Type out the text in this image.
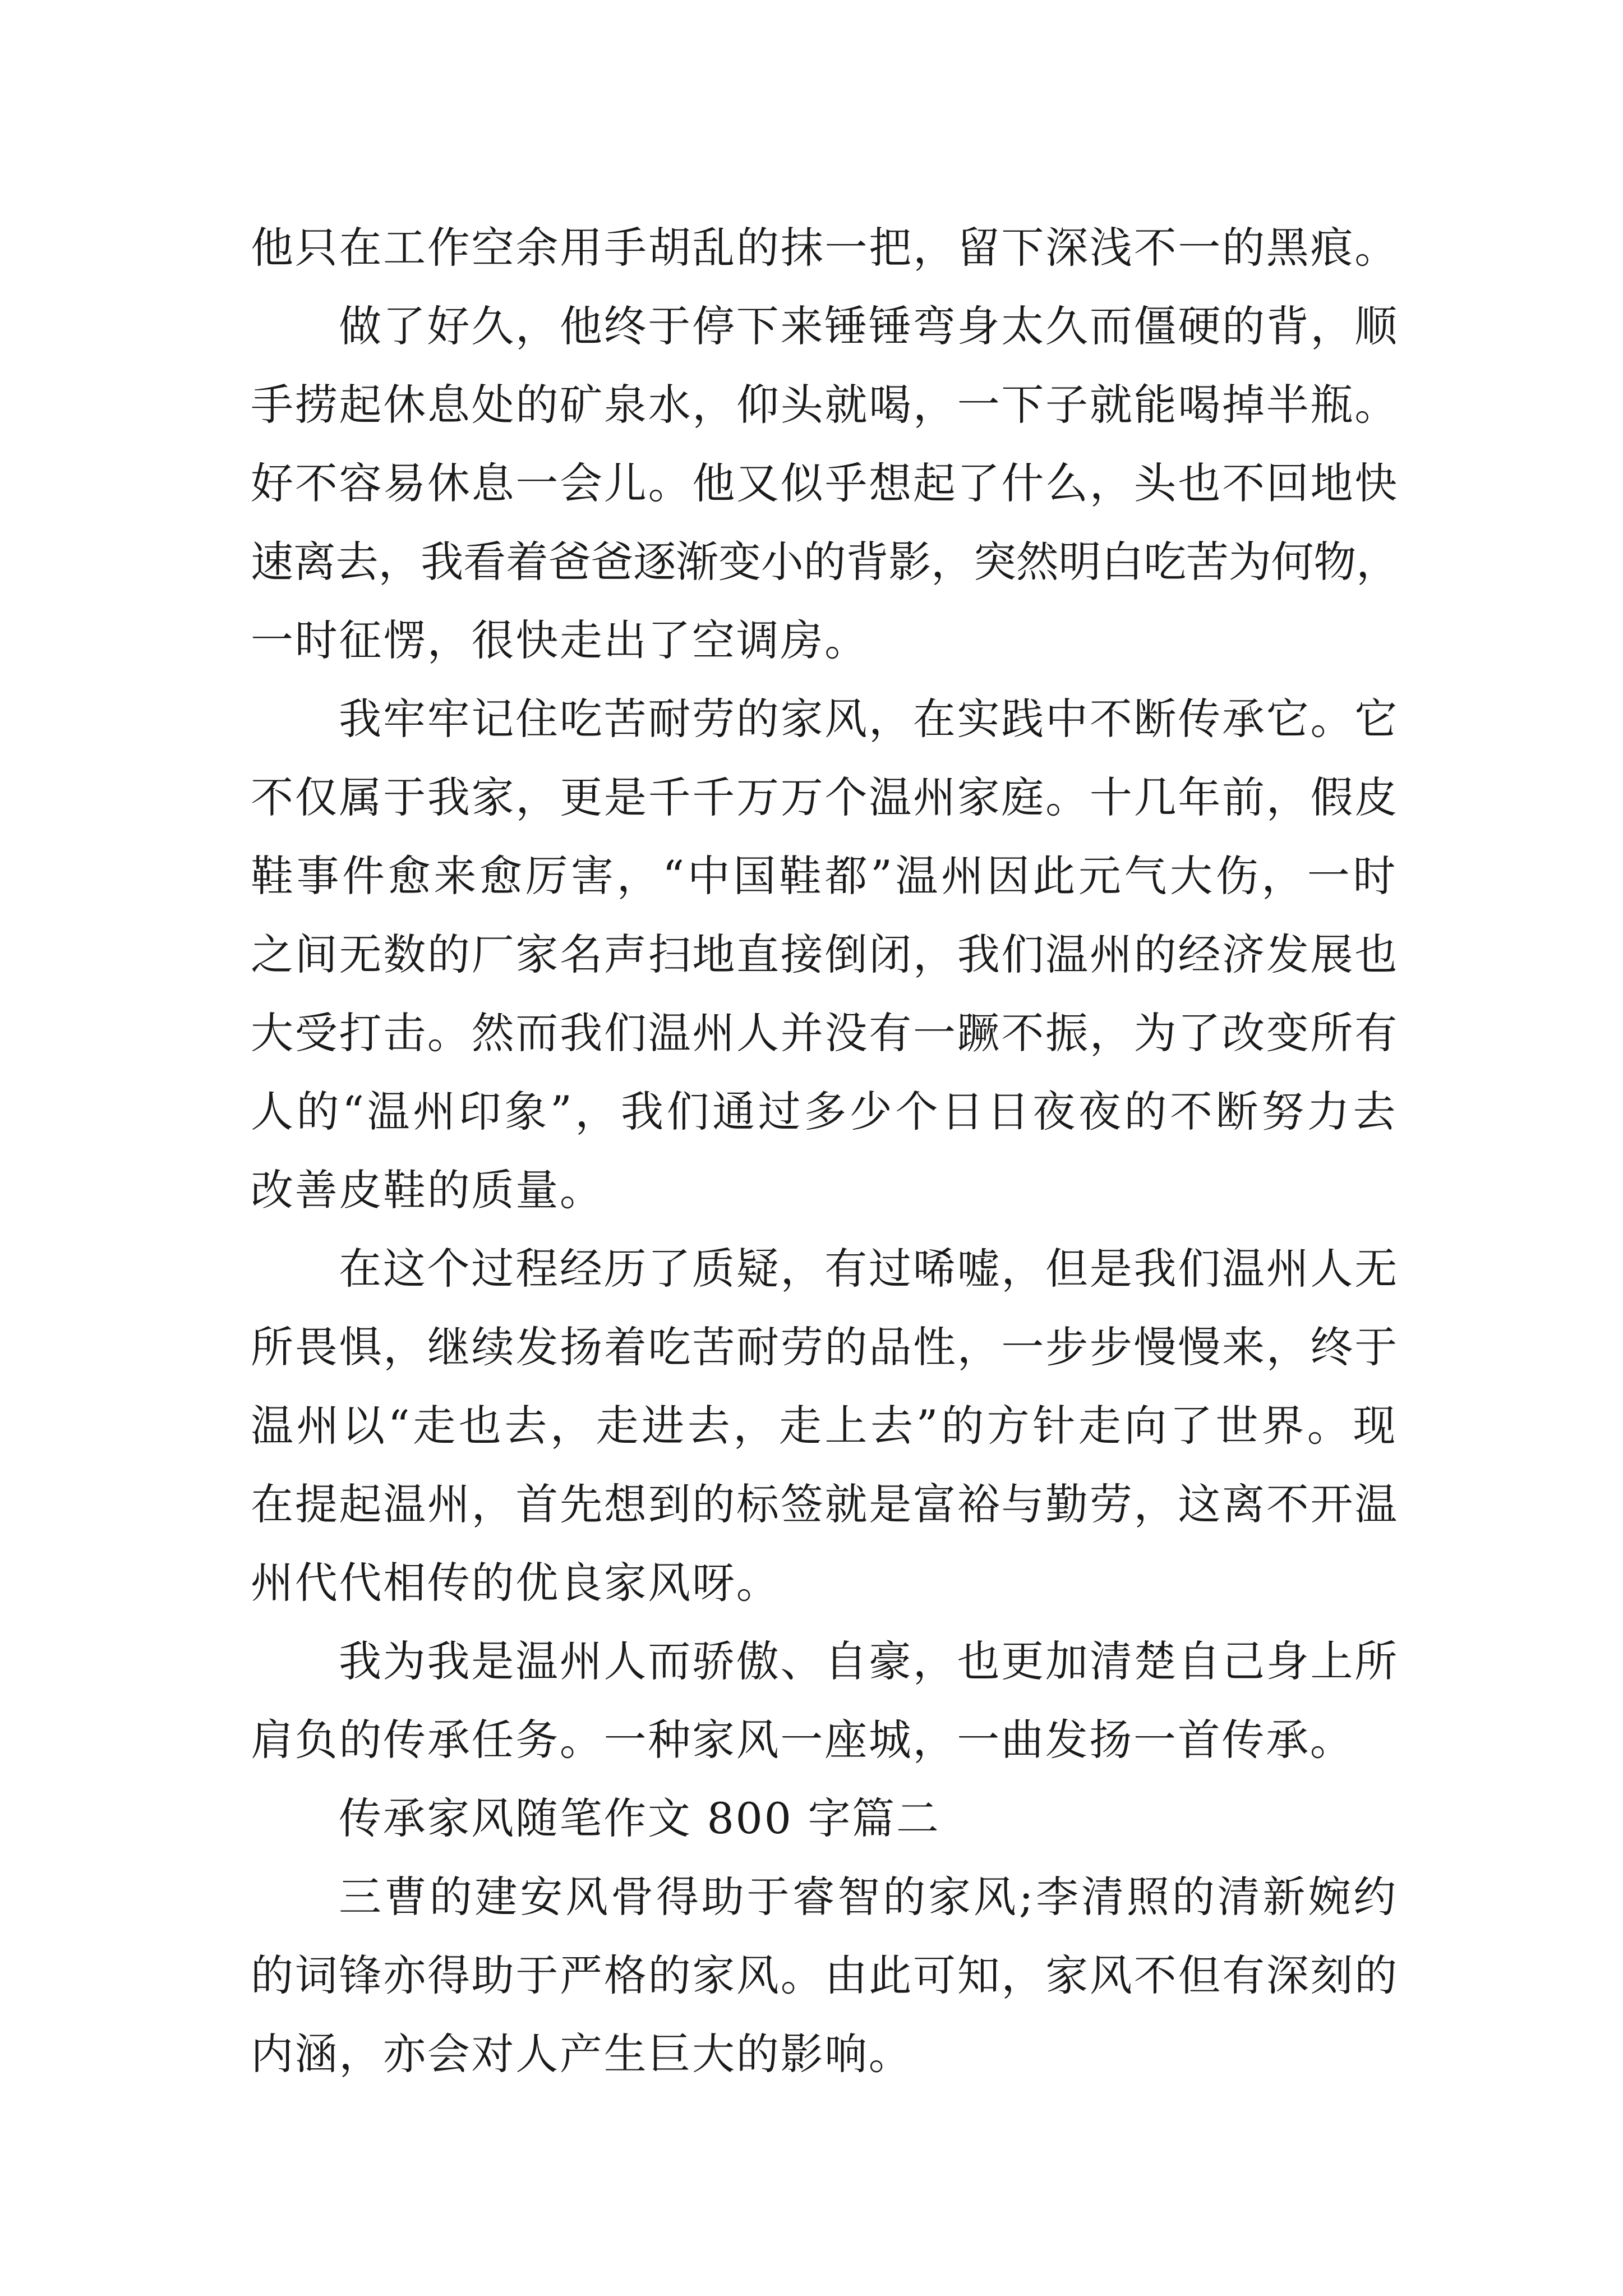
他只在工作空余用手胡乱的抹一把，留下深浅不一的黑痕。
做了好久，他终于停下来锤锤弯身太久而僵硬的背，顺
手捞起休息处的矿泉水，仰头就喝，一下子就能喝掉半瓶。
好不容易休息一会儿。他又似乎想起了什么，头也不回地快
速离去，我看着爸爸逐渐变小的背影，突然明白吃苦为何物，
一时征愣，很快走出了空调房。
我牢牢记住吃苦耐劳的家风，在实践中不断传承它。它
不仅属于我家，更是千千万万个温州家庭。十几年前，假皮
鞋事件愈来愈厉害，“中国鞋都”温州因此元气大伤，一时
之间无数的厂家名声扫地直接倒闭，我们温州的经济发展也
大受打击。然而我们温州人并没有一蹶不振，为了改变所有
人的“温州印象”，我们通过多少个日日夜夜的不断努力去
改善皮鞋的质量。
在这个过程经历了质疑，有过唏嘘，但是我们温州人无
所畏惧，继续发扬着吃苦耐劳的品性，一步步慢慢来，终于
温州以“走也去，走进去，走上去”的方针走向了世界。现
在提起温州，首先想到的标签就是富裕与勤劳，这离不开温
州代代相传的优良家风呀。
我为我是温州人而骄傲、自豪，也更加清楚自己身上所
肩负的传承任务。一种家风一座城，一曲发扬一首传承。
传承家风随笔作文 800 字篇二
三曹的建安风骨得助于睿智的家风;李清照的清新婉约
的词锋亦得助于严格的家风。由此可知，家风不但有深刻的
内涵，亦会对人产生巨大的影响。
